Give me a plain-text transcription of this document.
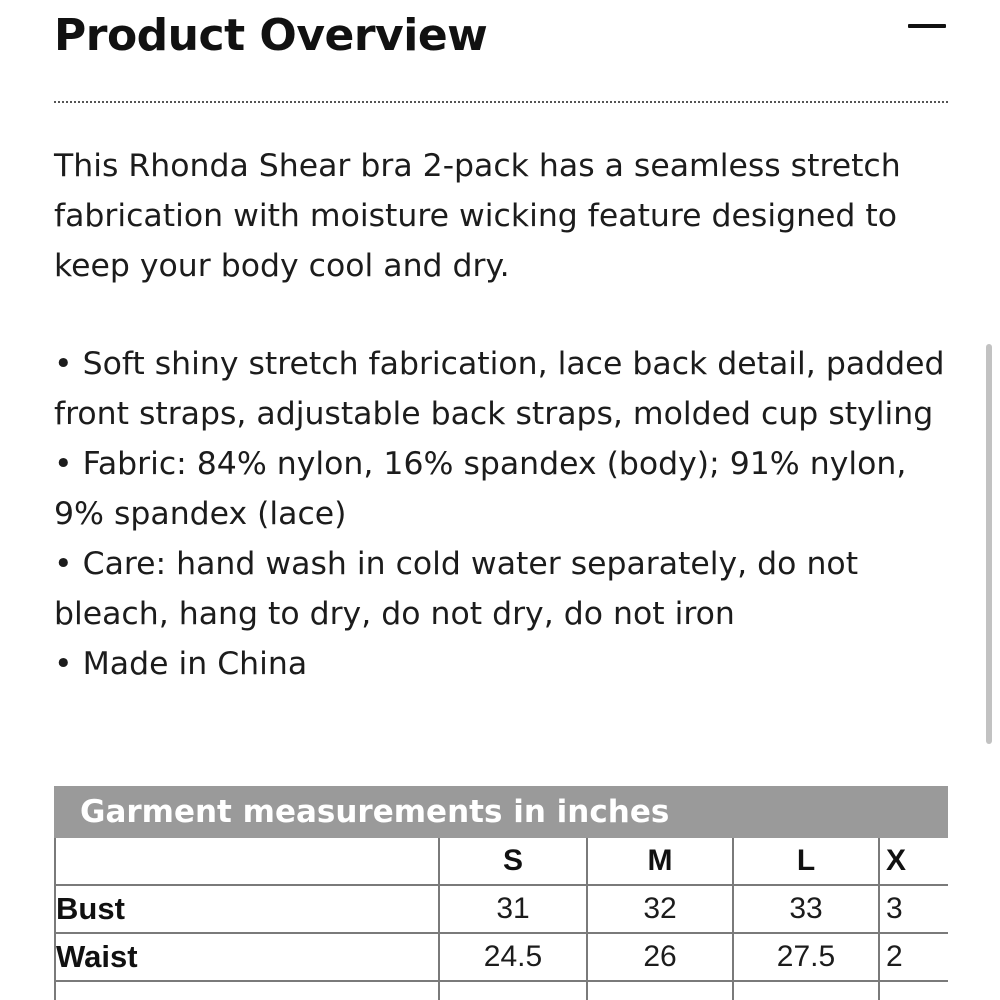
Product Overview

This Rhonda Shear bra 2-pack has a seamless stretch fabrication with moisture wicking feature designed to keep your body cool and dry.

• Soft shiny stretch fabrication, lace back detail, padded front straps, adjustable back straps, molded cup styling
• Fabric: 84% nylon, 16% spandex (body); 91% nylon, 9% spandex (lace)
• Care: hand wash in cold water separately, do not bleach, hang to dry, do not dry, do not iron
• Made in China
Garment measurements in inches				
	S	M	L	X
Bust	31	32	33	3
Waist	24.5	26	27.5	2
